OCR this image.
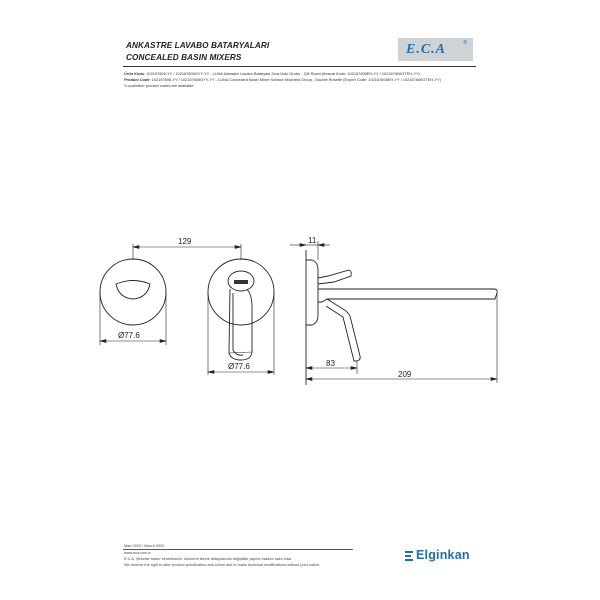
ANKASTRE LAVABO BATARYALARI
CONCEALED BASIN MIXERS
E.C.A	®
Ürün Kodu: 102167606-YY / 102167606GYY-YY - LUNA Ankastre Lavabo Bataryası Sıva Üstü Grubu - Çift Rozet (Ihracat Kodu: 102167606EH-YY / 102167606GTEH-YY)
Product Code: 102167606-YY / 102167606GYY-YY - LUNA Concealed Basin Mixer Surface Mounted Group - Double Rosette (Export Code: 102167606EH-YY / 102167606GTEH-YY)
*Local/other product codes are available.
129
Ø77.6
Ø77.6
11
83
209
Mart 2020 / March 2020
www.eca.com.tr
E.C.A. Şirketler haber vermeksizin, ürünlerin teknik detaylarında değişiklik yapma hakkını saklı tutar.
We reserve the right to alter product specification and colors and to make technical modifications without prior notice.
Elginkan
